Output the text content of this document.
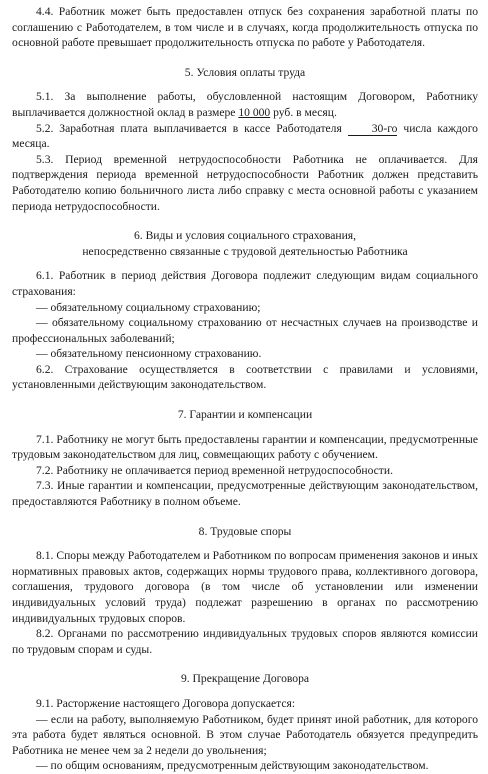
4.4. Работник может быть предоставлен отпуск без сохранения заработной платы по соглашению с Работодателем, в том числе и в случаях, когда продолжительность отпуска по основной работе превышает продолжительность отпуска по работе у Работодателя.

5. Условия оплаты труда

5.1. За выполнение работы, обусловленной настоящим Договором, Работнику выплачивается должностной оклад в размере 10 000 руб. в месяц.

5.2. Заработная плата выплачивается в кассе Работодателя	30-го числа каждого месяца.

5.3. Период временной нетрудоспособности Работника не оплачивается. Для подтверждения периода временной нетрудоспособности Работник должен представить Работодателю копию больничного листа либо справку с места основной работы с указанием периода нетрудоспособности.

6. Виды и условия социального страхования,

непосредственно связанные с трудовой деятельностью Работника

6.1. Работник в период действия Договора подлежит следующим видам социального страхования:

— обязательному социальному страхованию;

— обязательному социальному страхованию от несчастных случаев на производстве и профессиональных заболеваний;

— обязательному пенсионному страхованию.

6.2. Страхование осуществляется в соответствии с правилами и условиями, установленными действующим законодательством.

7. Гарантии и компенсации

7.1. Работнику не могут быть предоставлены гарантии и компенсации, предусмотренные трудовым законодательством для лиц, совмещающих работу с обучением.

7.2. Работнику не оплачивается период временной нетрудоспособности.

7.3. Иные гарантии и компенсации, предусмотренные действующим законодательством, предоставляются Работнику в полном объеме.

8. Трудовые споры

8.1. Споры между Работодателем и Работником по вопросам применения законов и иных нормативных правовых актов, содержащих нормы трудового права, коллективного договора, соглашения, трудового договора (в том числе об установлении или изменении индивидуальных условий труда) подлежат разрешению в органах по рассмотрению индивидуальных трудовых споров.

8.2. Органами по рассмотрению индивидуальных трудовых споров являются комиссии по трудовым спорам и суды.

9. Прекращение Договора

9.1. Расторжение настоящего Договора допускается:

— если на работу, выполняемую Работником, будет принят иной работник, для которого эта работа будет являться основной. В этом случае Работодатель обязуется предупредить Работника не менее чем за 2 недели до увольнения;

— по общим основаниям, предусмотренным действующим законодательством.
